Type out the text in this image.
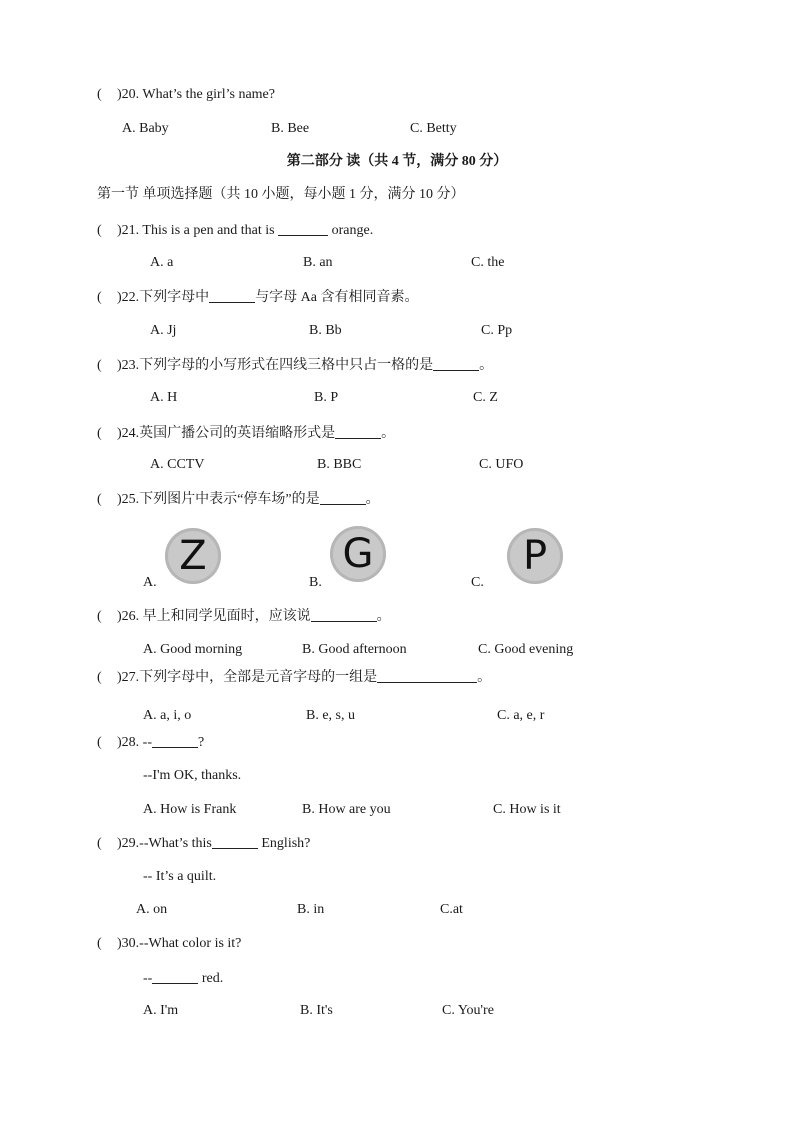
( )20. What’s the girl’s name?
A. Baby	B. Bee	C. Betty
第二部分 读（共 4 节，满分 80 分）
第一节 单项选择题（共 10 小题，每小题 1 分，满分 10 分）
( )21. This is a pen and that is	orange.
A. a	B. an	C. the
( )22.下列字母中	与字母 Aa 含有相同音素。
A. Jj	B. Bb	C. Pp
( )23.下列字母的小写形式在四线三格中只占一格的是	。
A. H	B. P	C. Z
( )24.英国广播公司的英语缩略形式是	。
A. CCTV	B. BBC	C. UFO
( )25.下列图片中表示“停车场”的是	。
Z	G	P
A.	B.	C.
( )26. 早上和同学见面时，应该说	。
A. Good morning	B. Good afternoon	C. Good evening
( )27.下列字母中，全部是元音字母的一组是	。
A. a, i, o	B. e, s, u	C. a, e, r
( )28. --	?
--I'm OK, thanks.
A. How is Frank	B. How are you	C. How is it
( )29.--What’s this	English?
-- It’s a quilt.
A. on	B. in	C.at
( )30.--What color is it?
--	red.
A. I'm	B. It's	C. You're
